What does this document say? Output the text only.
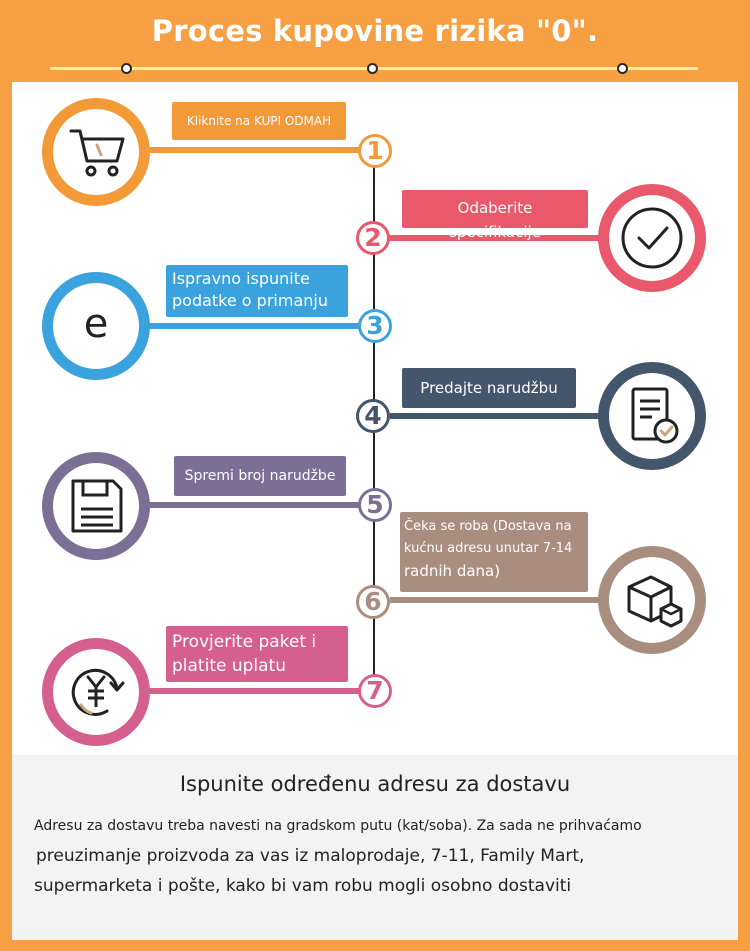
Proces kupovine rizika "0".
Kliknite na KUPI ODMAH
1
Odaberite specifikacije
2
Ispravno ispunite
podatke o primanju
e	3
Predajte narudžbu
4
Spremi broj narudžbe
5
Čeka se roba (Dostava na
kućnu adresu unutar 7-14
radnih dana)
6
Provjerite paket i
platite uplatu
7
Ispunite određenu adresu za dostavu
Adresu za dostavu treba navesti na gradskom putu (kat/soba). Za sada ne prihvaćamo
preuzimanje proizvoda za vas iz maloprodaje, 7-11, Family Mart,
supermarketa i pošte, kako bi vam robu mogli osobno dostaviti
